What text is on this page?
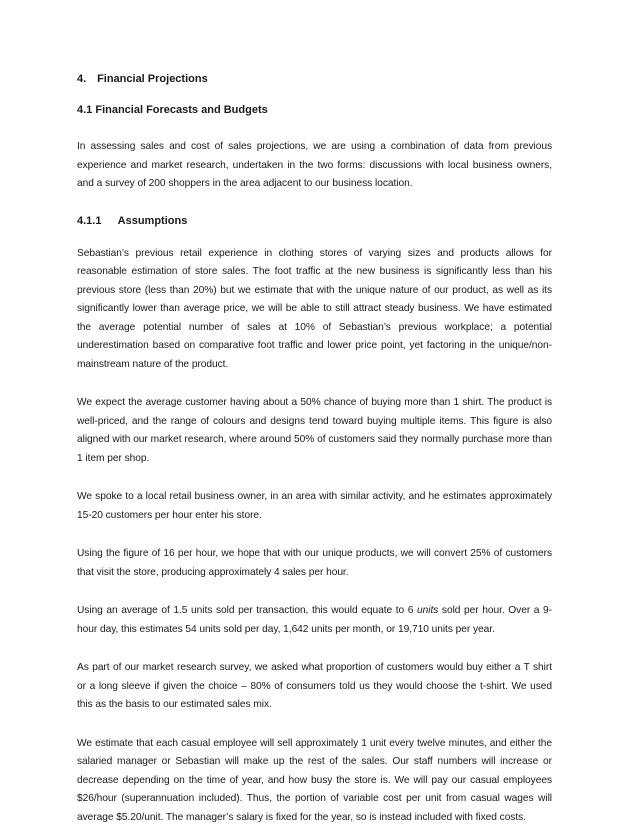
4. Financial Projections
4.1 Financial Forecasts and Budgets

In assessing sales and cost of sales projections, we are using a combination of data from previous experience and market research, undertaken in the two forms: discussions with local business owners, and a survey of 200 shoppers in the area adjacent to our business location.

4.1.1 Assumptions

Sebastian’s previous retail experience in clothing stores of varying sizes and products allows for reasonable estimation of store sales. The foot traffic at the new business is significantly less than his previous store (less than 20%) but we estimate that with the unique nature of our product, as well as its significantly lower than average price, we will be able to still attract steady business. We have estimated the average potential number of sales at 10% of Sebastian’s previous workplace; a potential underestimation based on comparative foot traffic and lower price point, yet factoring in the unique/non-mainstream nature of the product.

We expect the average customer having about a 50% chance of buying more than 1 shirt. The product is well-priced, and the range of colours and designs tend toward buying multiple items. This figure is also aligned with our market research, where around 50% of customers said they normally purchase more than 1 item per shop.

We spoke to a local retail business owner, in an area with similar activity, and he estimates approximately 15-20 customers per hour enter his store.

Using the figure of 16 per hour, we hope that with our unique products, we will convert 25% of customers that visit the store, producing approximately 4 sales per hour.

Using an average of 1.5 units sold per transaction, this would equate to 6 units sold per hour. Over a 9-hour day, this estimates 54 units sold per day, 1,642 units per month, or 19,710 units per year.

As part of our market research survey, we asked what proportion of customers would buy either a T shirt or a long sleeve if given the choice – 80% of consumers told us they would choose the t-shirt. We used this as the basis to our estimated sales mix.

We estimate that each casual employee will sell approximately 1 unit every twelve minutes, and either the salaried manager or Sebastian will make up the rest of the sales. Our staff numbers will increase or decrease depending on the time of year, and how busy the store is. We will pay our casual employees $26/hour (superannuation included). Thus, the portion of variable cost per unit from casual wages will average $5.20/unit. The manager’s salary is fixed for the year, so is instead included with fixed costs.
